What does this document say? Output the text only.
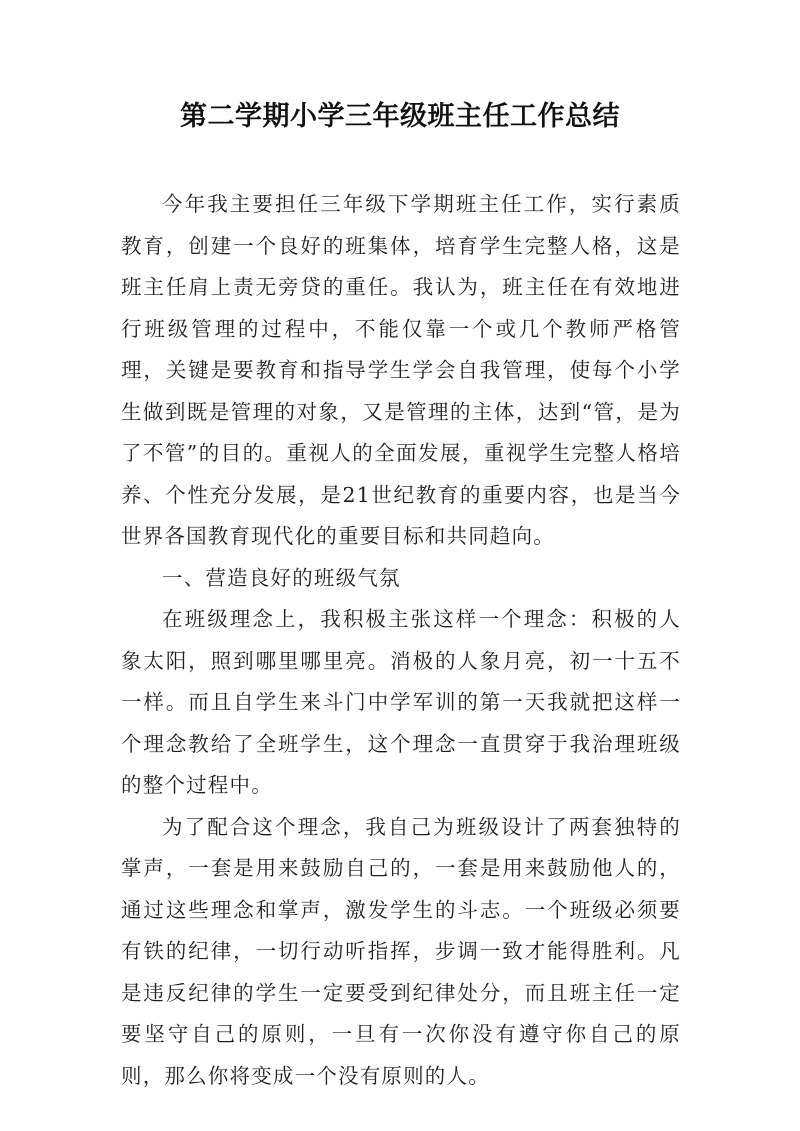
第二学期小学三年级班主任工作总结

今年我主要担任三年级下学期班主任工作，实行素质教育，创建一个良好的班集体，培育学生完整人格，这是班主任肩上责无旁贷的重任。我认为，班主任在有效地进行班级管理的过程中，不能仅靠一个或几个教师严格管理，关键是要教育和指导学生学会自我管理，使每个小学生做到既是管理的对象，又是管理的主体，达到“管，是为了不管”的目的。重视人的全面发展，重视学生完整人格培养、个性充分发展，是21世纪教育的重要内容，也是当今世界各国教育现代化的重要目标和共同趋向。

一、营造良好的班级气氛

在班级理念上，我积极主张这样一个理念：积极的人象太阳，照到哪里哪里亮。消极的人象月亮，初一十五不一样。而且自学生来斗门中学军训的第一天我就把这样一个理念教给了全班学生，这个理念一直贯穿于我治理班级的整个过程中。

为了配合这个理念，我自己为班级设计了两套独特的掌声，一套是用来鼓励自己的，一套是用来鼓励他人的，通过这些理念和掌声，激发学生的斗志。一个班级必须要有铁的纪律，一切行动听指挥，步调一致才能得胜利。凡是违反纪律的学生一定要受到纪律处分，而且班主任一定要坚守自己的原则，一旦有一次你没有遵守你自己的原则，那么你将变成一个没有原则的人。
